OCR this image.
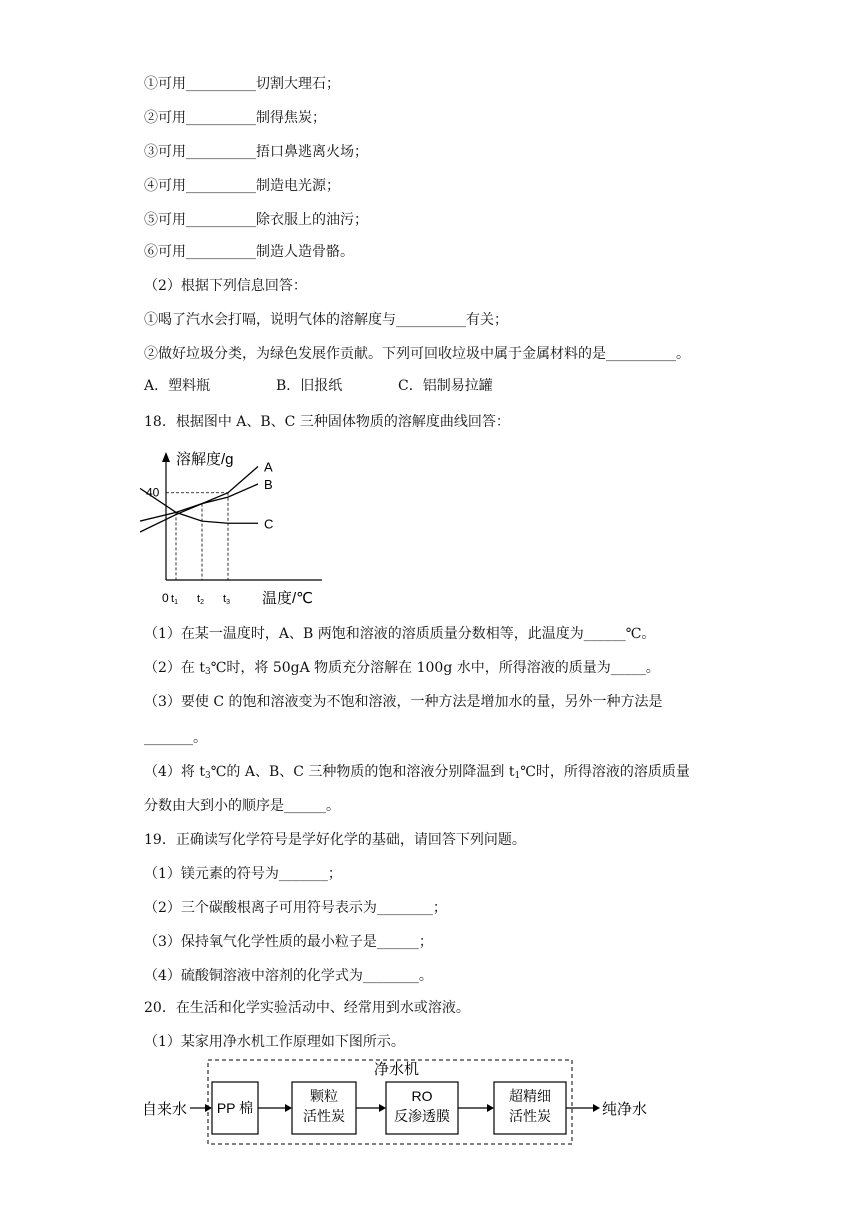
①可用__________切割大理石；
②可用__________制得焦炭；
③可用__________捂口鼻逃离火场；
④可用__________制造电光源；
⑤可用__________除衣服上的油污；
⑥可用__________制造人造骨骼。
（2）根据下列信息回答：
①喝了汽水会打嗝，说明气体的溶解度与__________有关；
②做好垃圾分类，为绿色发展作贡献。下列可回收垃圾中属于金属材料的是__________。
A．塑料瓶	B．旧报纸	C．铝制易拉罐
18．根据图中 A、B、C 三种固体物质的溶解度曲线回答：
溶解度/g
温度/℃
0
40
t1 t2 t3
A
B
C
（1）在某一温度时，A、B 两饱和溶液的溶质质量分数相等，此温度为______℃。
（2）在 $t_3℃$时，将 50gA 物质充分溶解在 100g 水中，所得溶液的质量为_____。
（3）要使 C 的饱和溶液变为不饱和溶液，一种方法是增加水的量，另外一种方法是
_______。
（4）将 $t_3℃$的 A、B、C 三种物质的饱和溶液分别降温到 $t_1℃$时，所得溶液的溶质质量
分数由大到小的顺序是______。
19．正确读写化学符号是学好化学的基础，请回答下列问题。
（1）镁元素的符号为_______；
（2）三个碳酸根离子可用符号表示为________；
（3）保持氧气化学性质的最小粒子是______；
（4）硫酸铜溶液中溶剂的化学式为________。
20．在生活和化学实验活动中、经常用到水或溶液。
（1）某家用净水机工作原理如下图所示。
净水机
自来水	纯净水
PP 棉
颗粒
活性炭
RO
反渗透膜
超精细
活性炭
